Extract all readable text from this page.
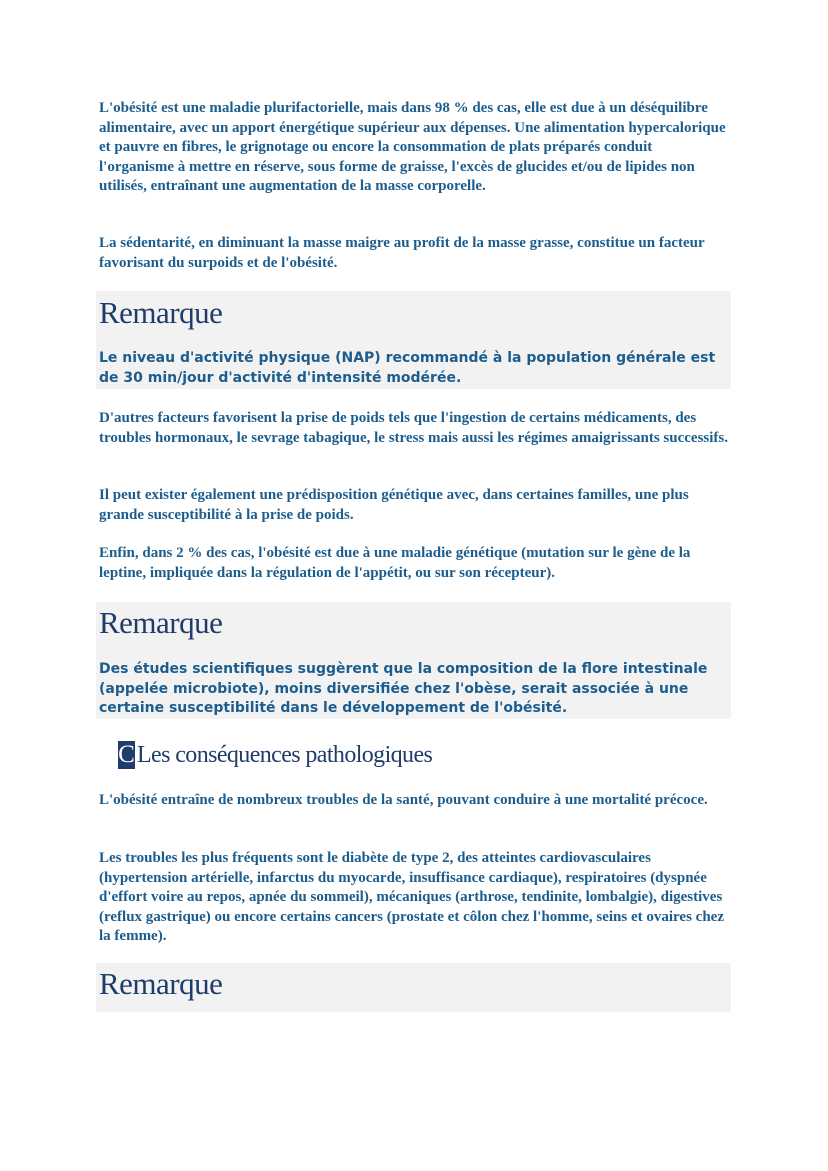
L'obésité est une maladie plurifactorielle, mais dans 98 % des cas, elle est due à un déséquilibre alimentaire, avec un apport énergétique supérieur aux dépenses. Une alimentation hypercalorique et pauvre en fibres, le grignotage ou encore la consommation de plats préparés conduit l'organisme à mettre en réserve, sous forme de graisse, l'excès de glucides et/ou de lipides non utilisés, entraînant une augmentation de la masse corporelle.

La sédentarité, en diminuant la masse maigre au profit de la masse grasse, constitue un facteur favorisant du surpoids et de l'obésité.

Remarque

Le niveau d'activité physique (NAP) recommandé à la population générale est de 30 min/jour d'activité d'intensité modérée.

D'autres facteurs favorisent la prise de poids tels que l'ingestion de certains médicaments, des troubles hormonaux, le sevrage tabagique, le stress mais aussi les régimes amaigrissants successifs.

Il peut exister également une prédisposition génétique avec, dans certaines familles, une plus grande susceptibilité à la prise de poids.

Enfin, dans 2 % des cas, l'obésité est due à une maladie génétique (mutation sur le gène de la leptine, impliquée dans la régulation de l'appétit, ou sur son récepteur).

Remarque

Des études scientifiques suggèrent que la composition de la flore intestinale (appelée microbiote), moins diversifiée chez l'obèse, serait associée à une certaine susceptibilité dans le développement de l'obésité.

C Les conséquences pathologiques

L'obésité entraîne de nombreux troubles de la santé, pouvant conduire à une mortalité précoce.

Les troubles les plus fréquents sont le diabète de type 2, des atteintes cardiovasculaires (hypertension artérielle, infarctus du myocarde, insuffisance cardiaque), respiratoires (dyspnée d'effort voire au repos, apnée du sommeil), mécaniques (arthrose, tendinite, lombalgie), digestives (reflux gastrique) ou encore certains cancers (prostate et côlon chez l'homme, seins et ovaires chez la femme).

Remarque
